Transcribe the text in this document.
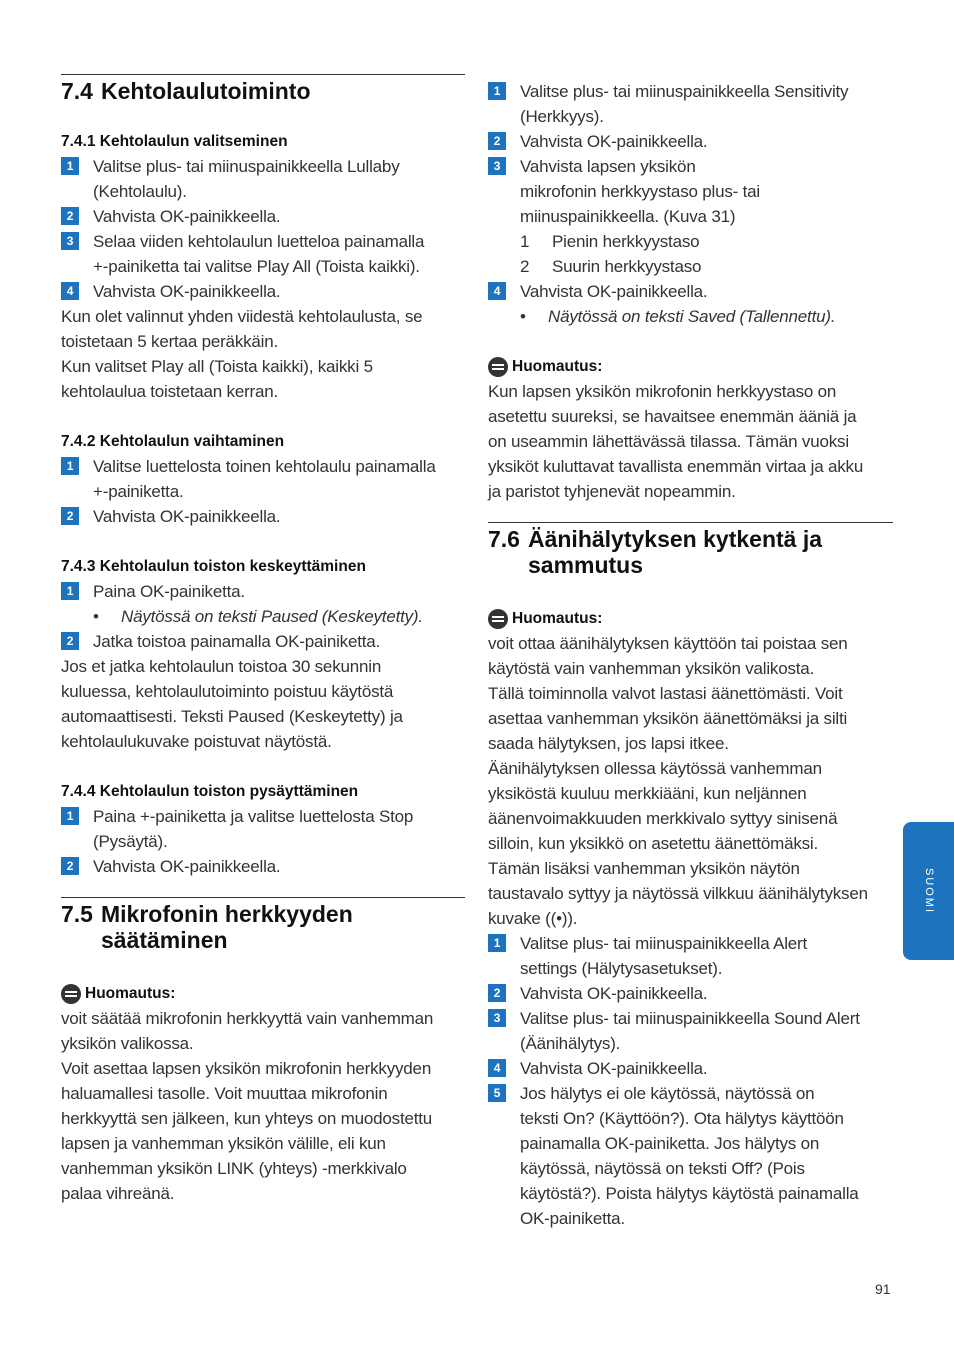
7.4 Kehtolaulutoiminto
7.4.1 Kehtolaulun valitseminen
1	Valitse plus- tai miinuspainikkeella Lullaby
(Kehtolaulu).
2	Vahvista OK-painikkeella.
3	Selaa viiden kehtolaulun luetteloa painamalla
+-painiketta tai valitse Play All (Toista kaikki).
4	Vahvista OK-painikkeella.

Kun olet valinnut yhden viidestä kehtolaulusta, se

toistetaan 5 kertaa peräkkäin.

Kun valitset Play all (Toista kaikki), kaikki 5

kehtolaulua toistetaan kerran.

7.4.2 Kehtolaulun vaihtaminen
1	Valitse luettelosta toinen kehtolaulu painamalla
+-painiketta.
2	Vahvista OK-painikkeella.
7.4.3 Kehtolaulun toiston keskeyttäminen
1	Paina OK-painiketta.
•	Näytössä on teksti Paused (Keskeytetty).
2	Jatka toistoa painamalla OK-painiketta.

Jos et jatka kehtolaulun toistoa 30 sekunnin

kuluessa, kehtolaulutoiminto poistuu käytöstä

automaattisesti. Teksti Paused (Keskeytetty) ja

kehtolaulukuvake poistuvat näytöstä.

7.4.4 Kehtolaulun toiston pysäyttäminen
1	Paina +-painiketta ja valitse luettelosta Stop
(Pysäytä).
2	Vahvista OK-painikkeella.
7.5 Mikrofonin herkkyyden
säätäminen
Huomautus:

voit säätää mikrofonin herkkyyttä vain vanhemman

yksikön valikossa.

Voit asettaa lapsen yksikön mikrofonin herkkyyden

haluamallesi tasolle. Voit muuttaa mikrofonin

herkkyyttä sen jälkeen, kun yhteys on muodostettu

lapsen ja vanhemman yksikön välille, eli kun

vanhemman yksikön LINK (yhteys) -merkkivalo

palaa vihreänä.

1	Valitse plus- tai miinuspainikkeella Sensitivity
(Herkkyys).
2	Vahvista OK-painikkeella.
3	Vahvista lapsen yksikön
mikrofonin herkkyystaso plus- tai
miinuspainikkeella. (Kuva 31)
1	Pienin herkkyystaso
2	Suurin herkkyystaso
4	Vahvista OK-painikkeella.
•	Näytössä on teksti Saved (Tallennettu).
Huomautus:

Kun lapsen yksikön mikrofonin herkkyystaso on

asetettu suureksi, se havaitsee enemmän ääniä ja

on useammin lähettävässä tilassa. Tämän vuoksi

yksiköt kuluttavat tavallista enemmän virtaa ja akku

ja paristot tyhjenevät nopeammin.

7.6 Äänihälytyksen kytkentä ja
sammutus
Huomautus:

voit ottaa äänihälytyksen käyttöön tai poistaa sen

käytöstä vain vanhemman yksikön valikosta.

Tällä toiminnolla valvot lastasi äänettömästi. Voit

asettaa vanhemman yksikön äänettömäksi ja silti

saada hälytyksen, jos lapsi itkee.

Äänihälytyksen ollessa käytössä vanhemman

yksiköstä kuuluu merkkiääni, kun neljännen

äänenvoimakkuuden merkkivalo syttyy sinisenä

silloin, kun yksikkö on asetettu äänettömäksi.

Tämän lisäksi vanhemman yksikön näytön

taustavalo syttyy ja näytössä vilkkuu äänihälytyksen

kuvake ((•)).

1	Valitse plus- tai miinuspainikkeella Alert
settings (Hälytysasetukset).
2	Vahvista OK-painikkeella.
3	Valitse plus- tai miinuspainikkeella Sound Alert
(Äänihälytys).
4	Vahvista OK-painikkeella.
5	Jos hälytys ei ole käytössä, näytössä on
teksti On? (Käyttöön?). Ota hälytys käyttöön
painamalla OK-painiketta. Jos hälytys on
käytössä, näytössä on teksti Off? (Pois
käytöstä?). Poista hälytys käytöstä painamalla
OK-painiketta.
SUOMI
91
